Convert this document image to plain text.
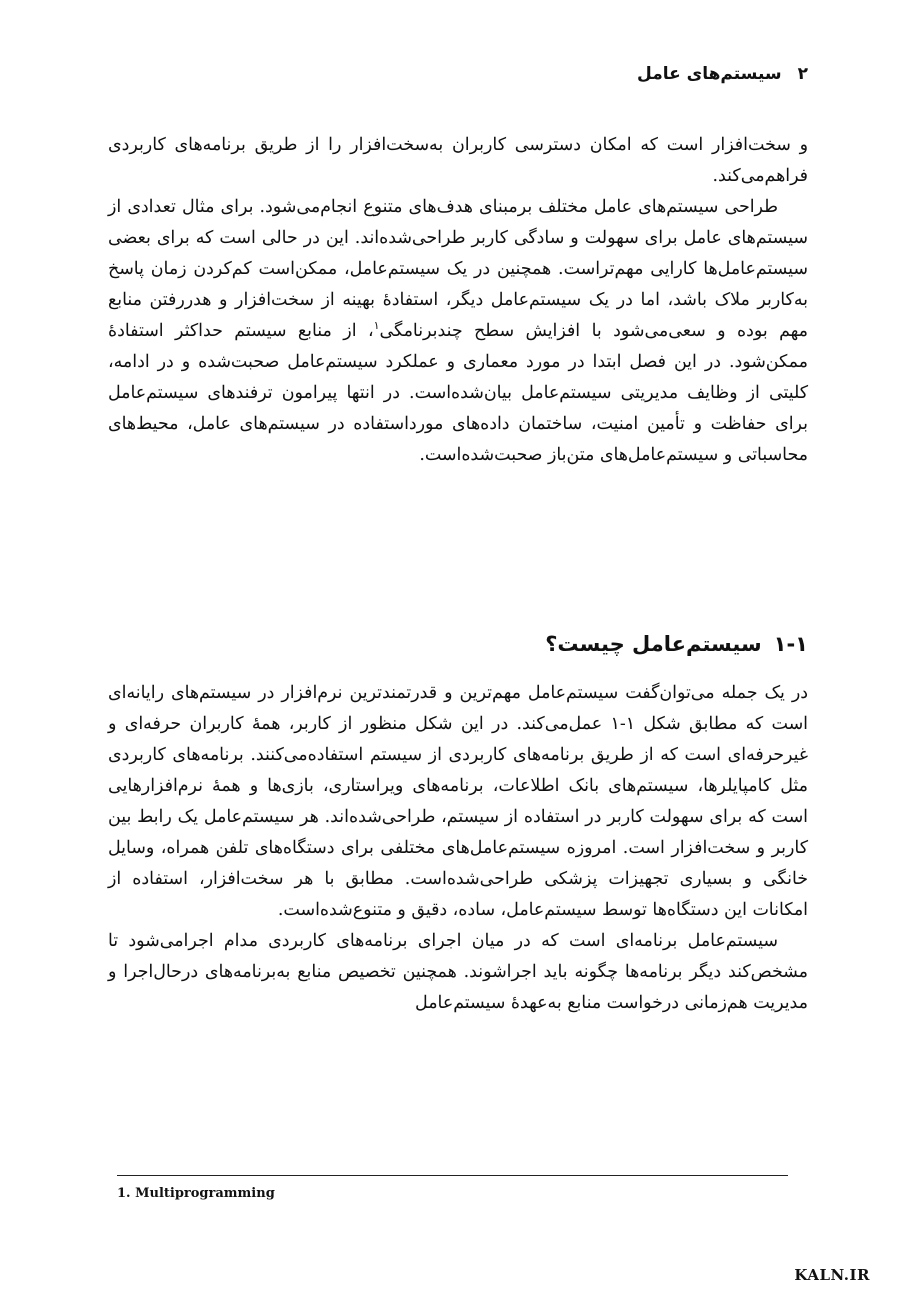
۲سیستم‌های عامل

و سخت‌افزار است که امکان دسترسی کاربران به‌سخت‌افزار را از طریق برنامه‌های کاربردی فراهم‌می‌کند.

طراحی سیستم‌های عامل مختلف برمبنای هدف‌های متنوع انجام‌می‌شود. برای مثال تعدادی از سیستم‌های عامل برای سهولت و سادگی کاربر طراحی‌شده‌اند. این در حالی است که برای بعضی سیستم‌عامل‌ها کارایی مهم‌تراست. همچنین در یک سیستم‌عامل، ممکن‌است کم‌کردن زمان پاسخ به‌کاربر ملاک باشد، اما در یک سیستم‌عامل دیگر، استفادهٔ بهینه از سخت‌افزار و هدررفتن منابع مهم بوده و سعی‌می‌شود با افزایش سطح چندبرنامگی$^۱$، از منابع سیستم حداکثر استفادهٔ ممکن‌شود. در این فصل ابتدا در مورد معماری و عملکرد سیستم‌عامل صحبت‌شده و در ادامه، کلیتی از وظایف مدیریتی سیستم‌عامل بیان‌شده‌است. در انتها پیرامون ترفندهای سیستم‌عامل برای حفاظت و تأمین امنیت، ساختمان داده‌های مورداستفاده در سیستم‌های عامل، محیط‌های محاسباتی و سیستم‌عامل‌های متن‌باز صحبت‌شده‌است.

۱-۱سیستم‌عامل چیست؟

در یک جمله می‌توان‌گفت سیستم‌عامل مهم‌ترین و قدرتمندترین نرم‌افزار در سیستم‌های رایانه‌ای است که مطابق شکل ۱-۱ عمل‌می‌کند. در این شکل منظور از کاربر، همهٔ کاربران حرفه‌ای و غیرحرفه‌ای است که از طریق برنامه‌های کاربردی از سیستم استفاده‌می‌کنند. برنامه‌های کاربردی مثل کامپایلرها، سیستم‌های بانک اطلاعات، برنامه‌های ویراستاری، بازی‌ها و همهٔ نرم‌افزارهایی است که برای سهولت کاربر در استفاده از سیستم، طراحی‌شده‌اند. هر سیستم‌عامل یک رابط بین کاربر و سخت‌افزار است. امروزه سیستم‌عامل‌های مختلفی برای دستگاه‌های تلفن همراه، وسایل خانگی و بسیاری تجهیزات پزشکی طراحی‌شده‌است. مطابق با هر سخت‌افزار، استفاده از امکانات این دستگاه‌ها توسط سیستم‌عامل، ساده، دقیق و متنوع‌شده‌است.

سیستم‌عامل برنامه‌ای است که در میان اجرای برنامه‌های کاربردی مدام اجرامی‌شود تا مشخص‌کند دیگر برنامه‌ها چگونه باید اجراشوند. همچنین تخصیص منابع به‌برنامه‌های درحال‌اجرا و مدیریت هم‌زمانی درخواست منابع به‌عهدهٔ سیستم‌عامل

1. Multiprogramming
KALN.IR
